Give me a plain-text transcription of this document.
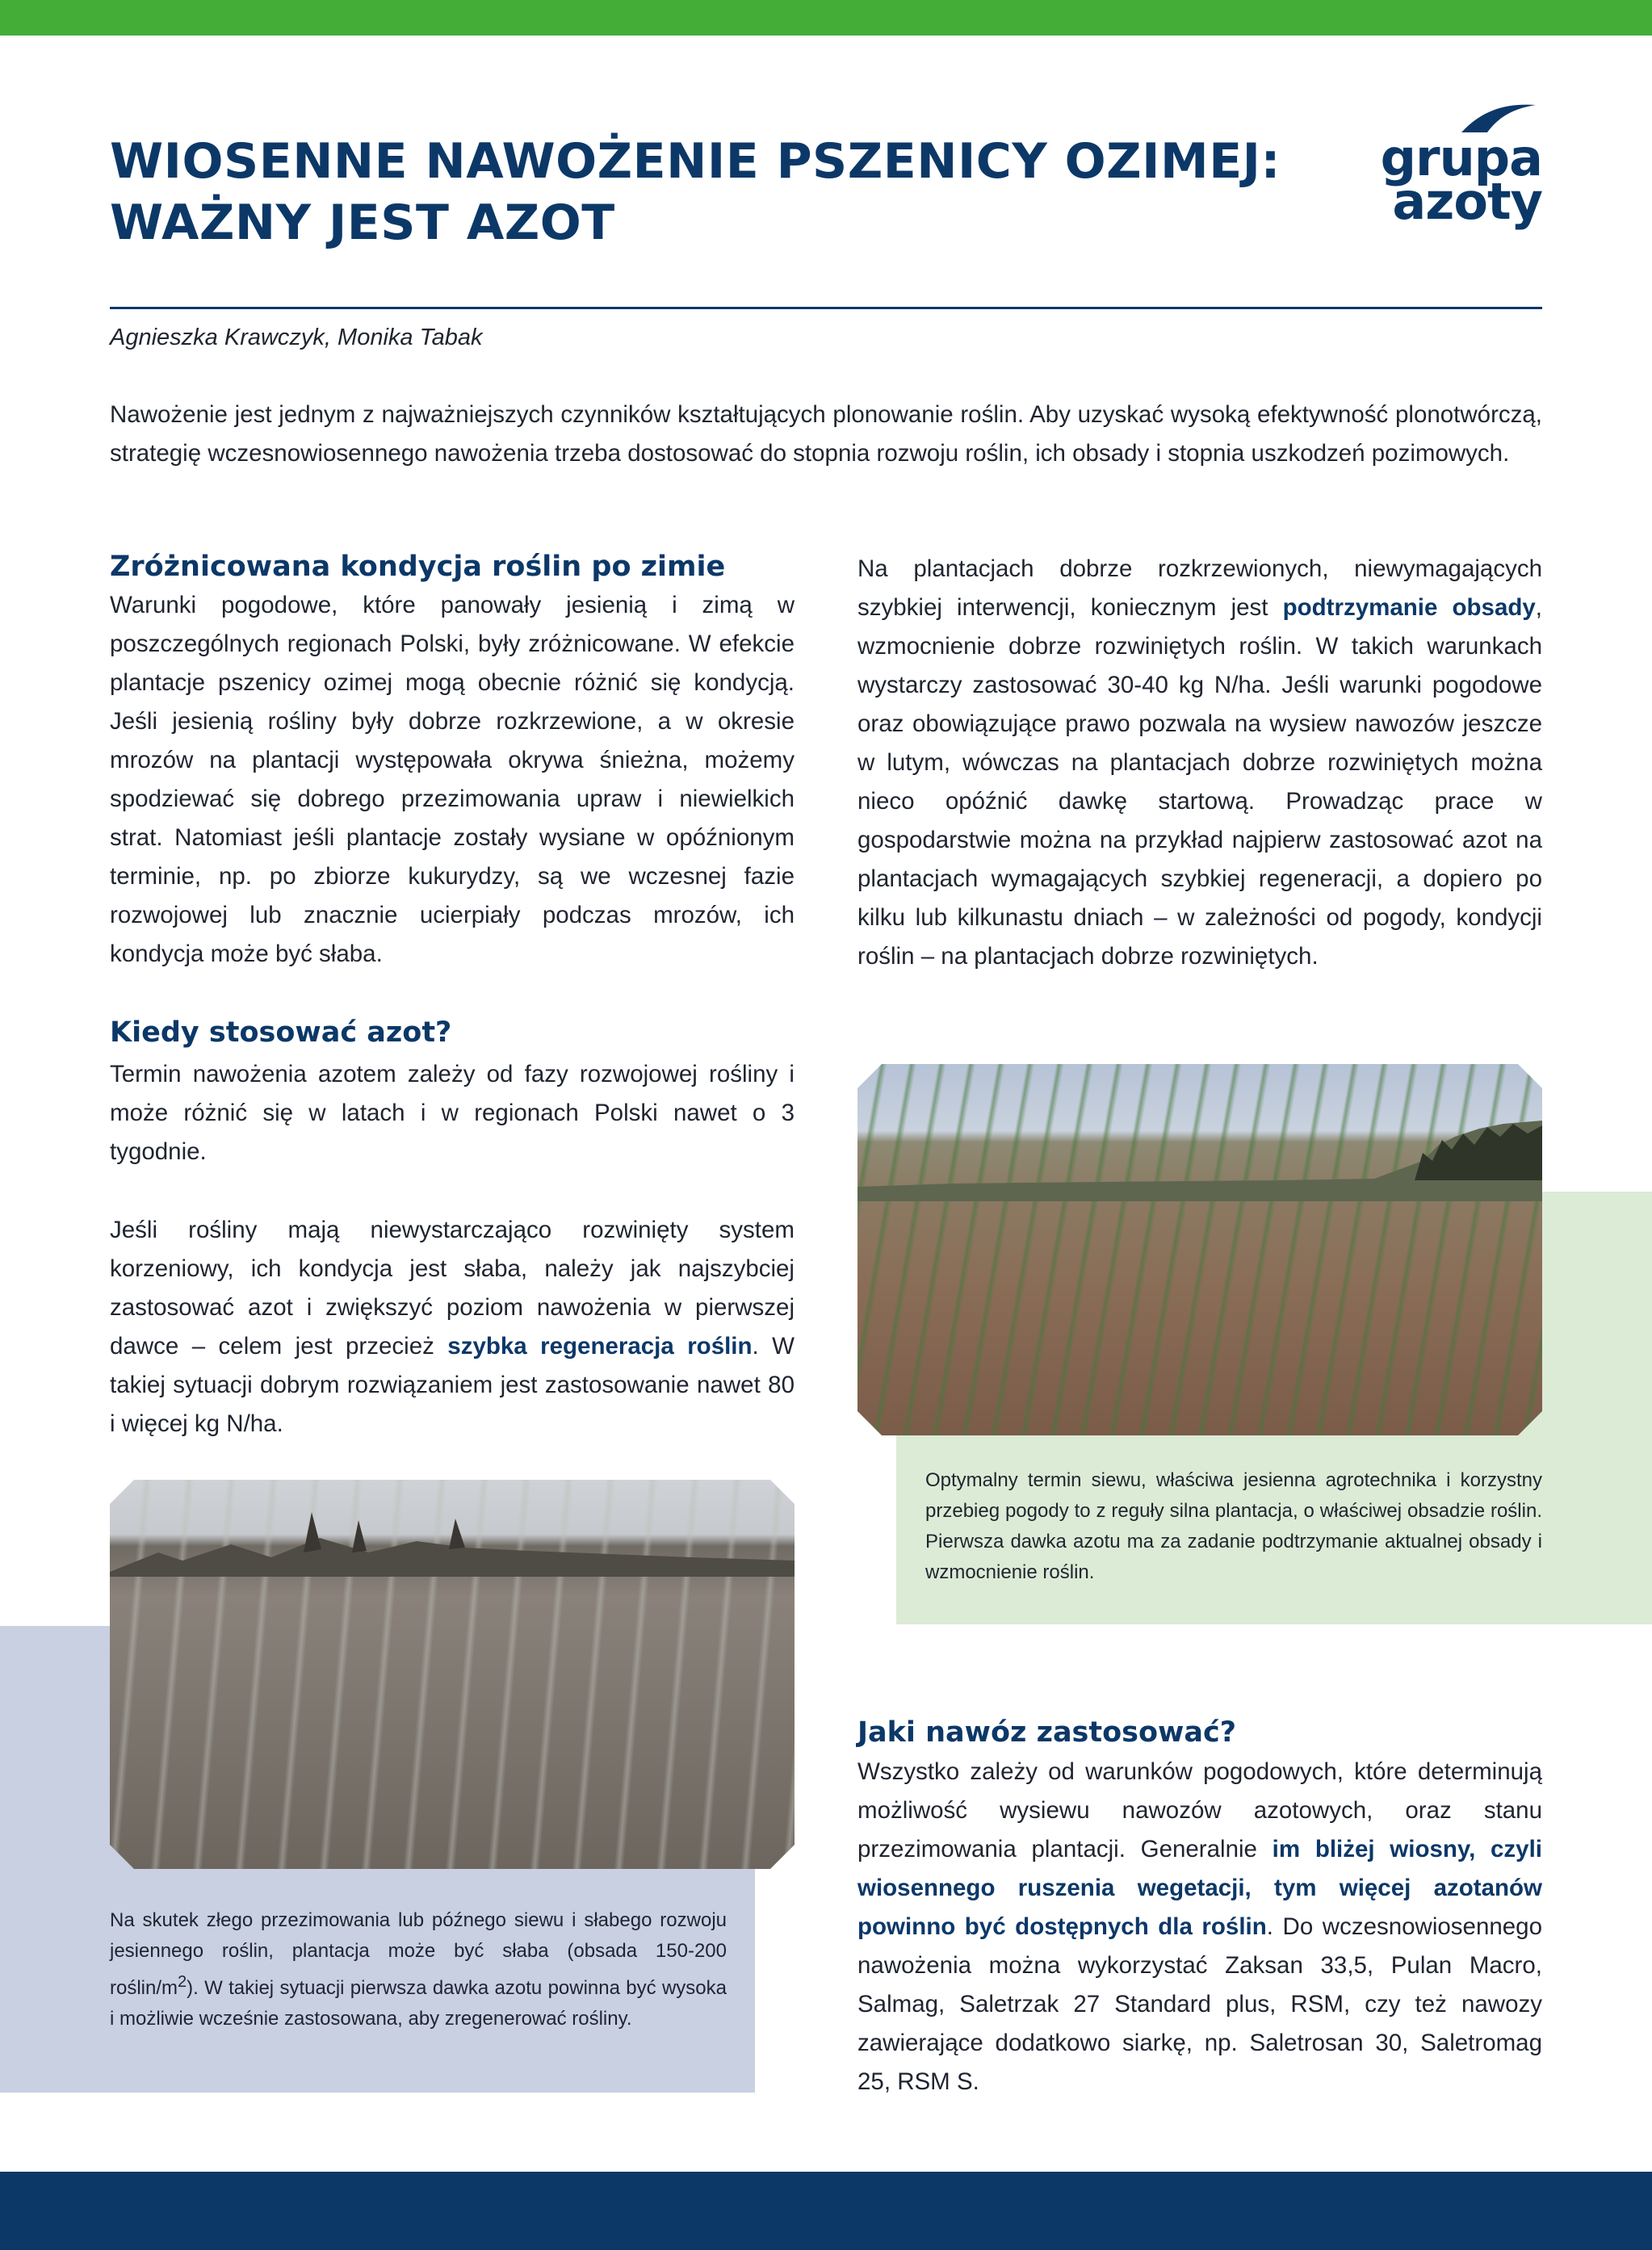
WIOSENNE NAWOŻENIE PSZENICY OZIMEJ:
WAŻNY JEST AZOT
grupa
azoty
Agnieszka Krawczyk, Monika Tabak

Nawożenie jest jednym z najważniejszych czynników kształtujących plonowanie roślin. Aby uzyskać wysoką efektywność plonotwórczą, strategię wczesnowiosennego nawożenia trzeba dostosować do stopnia rozwoju roślin, ich obsady i stopnia uszkodzeń pozimowych.

Zróżnicowana kondycja roślin po zimie

Warunki pogodowe, które panowały jesienią i zimą w poszczególnych regionach Polski, były zróżnicowane. W efekcie plantacje pszenicy ozimej mogą obecnie różnić się kondycją. Jeśli jesienią rośliny były dobrze rozkrzewione, a w okresie mrozów na plantacji występowała okrywa śnieżna, możemy spodziewać się dobrego przezimowania upraw i niewielkich strat. Natomiast jeśli plantacje zostały wysiane w opóźnionym terminie, np. po zbiorze kukurydzy, są we wczesnej fazie rozwojowej lub znacznie ucierpiały podczas mrozów, ich kondycja może być słaba.

Na plantacjach dobrze rozkrzewionych, niewymagających szybkiej interwencji, koniecznym jest podtrzymanie obsady, wzmocnienie dobrze rozwiniętych roślin. W takich warunkach wystarczy zastosować 30-40 kg N/ha. Jeśli warunki pogodowe oraz obowiązujące prawo pozwala na wysiew nawozów jeszcze w lutym, wówczas na plantacjach dobrze rozwiniętych można nieco opóźnić dawkę startową. Prowadząc prace w gospodarstwie można na przykład najpierw zastosować azot na plantacjach wymagających szybkiej regeneracji, a dopiero po kilku lub kilkunastu dniach – w zależności od pogody, kondycji roślin – na plantacjach dobrze rozwiniętych.

Kiedy stosować azot?

Termin nawożenia azotem zależy od fazy rozwojowej rośliny i może różnić się w latach i w regionach Polski nawet o 3 tygodnie.

Jeśli rośliny mają niewystarczająco rozwinięty system korzeniowy, ich kondycja jest słaba, należy jak najszybciej zastosować azot i zwiększyć poziom nawożenia w pierwszej dawce – celem jest przecież szybka regeneracja roślin. W takiej sytuacji dobrym rozwiązaniem jest zastosowanie nawet 80 i więcej kg N/ha.

Optymalny termin siewu, właściwa jesienna agrotechnika i korzystny przebieg pogody to z reguły silna plantacja, o właściwej obsadzie roślin. Pierwsza dawka azotu ma za zadanie podtrzymanie aktualnej obsady i wzmocnienie roślin.

Na skutek złego przezimowania lub późnego siewu i słabego rozwoju jesiennego roślin, plantacja może być słaba (obsada 150-200 roślin/$m^2$). W takiej sytuacji pierwsza dawka azotu powinna być wysoka i możliwie wcześnie zastosowana, aby zregenerować rośliny.

Jaki nawóz zastosować?

Wszystko zależy od warunków pogodowych, które determinują możliwość wysiewu nawozów azotowych, oraz stanu przezimowania plantacji. Generalnie im bliżej wiosny, czyli wiosennego ruszenia wegetacji, tym więcej azotanów powinno być dostępnych dla roślin. Do wczesnowiosennego nawożenia można wykorzystać Zaksan 33,5, Pulan Macro, Salmag, Saletrzak 27 Standard plus, RSM, czy też nawozy zawierające dodatkowo siarkę, np. Saletrosan 30, Saletromag 25, RSM S.
